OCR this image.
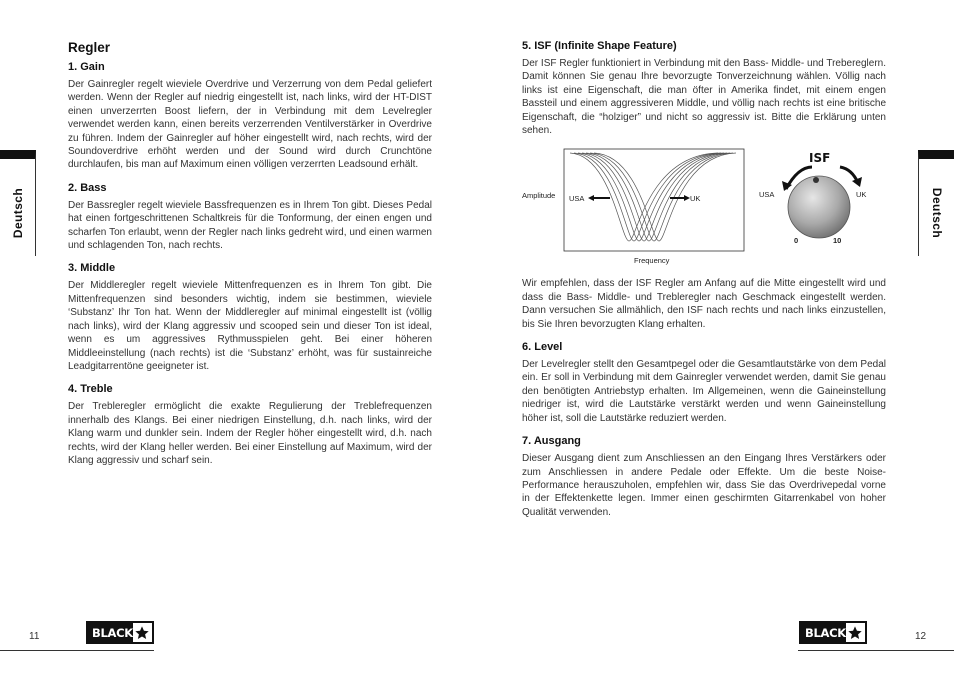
Deutsch	Deutsch
Regler
1. Gain

Der Gainregler regelt wieviele Overdrive und Verzerrung von dem Pedal geliefert werden. Wenn der Regler auf niedrig eingestellt ist, nach links, wird der HT-DIST einen unverzerrten Boost liefern, der in Verbindung mit dem Levelregler verwendet werden kann, einen bereits verzerrenden Ventilverstärker in Overdrive zu führen. Indem der Gainregler auf höher eingestellt wird, nach rechts, wird der Soundoverdrive erhöht werden und der Sound wird durch Crunchtöne durchlaufen, bis man auf Maximum einen völligen verzerrten Leadsound erhält.

2. Bass

Der Bassregler regelt wieviele Bassfrequenzen es in Ihrem Ton gibt. Dieses Pedal hat einen fortgeschrittenen Schaltkreis für die Tonformung, der einen engen und scharfen Ton erlaubt, wenn der Regler nach links gedreht wird, und einen warmen und schlagenden Ton, nach rechts.

3. Middle

Der Middleregler regelt wieviele Mittenfrequenzen es in Ihrem Ton gibt. Die Mittenfrequenzen sind besonders wichtig, indem sie bestimmen, wieviele ‘Substanz’ Ihr Ton hat. Wenn der Middleregler auf minimal eingestellt ist (völlig nach links), wird der Klang aggressiv und scooped sein und dieser Ton ist ideal, wenn es um aggressives Rythmusspielen geht. Bei einer höheren Middleeinstellung (nach rechts) ist die ‘Substanz’ erhöht, was für sustainreiche Leadgitarrentöne geeigneter ist.

4. Treble

Der Trebleregler ermöglicht die exakte Regulierung der Treblefrequenzen innerhalb des Klangs. Bei einer niedrigen Einstellung, d.h. nach links, wird der Klang warm und dunkler sein. Indem der Regler höher eingestellt wird, d.h. nach rechts, wird der Klang heller werden. Bei einer Einstellung auf Maximum, wird der Klang aggressiv und scharf sein.

5. ISF (Infinite Shape Feature)

Der ISF Regler funktioniert in Verbindung mit den Bass- Middle- und Trebereglern. Damit können Sie genau Ihre bevorzugte Tonverzeichnung wählen. Völlig nach links ist eine Eigenschaft, die man öfter in Amerika findet, mit einem engen Bassteil und einem aggressiveren Middle, und völlig nach rechts ist eine britische Eigenschaft, die “holziger” und nicht so aggressiv ist. Bitte die Erklärung unten sehen.

Amplitude
Frequency
USA	UK
ISF
USA	UK
0	10

Wir empfehlen, dass der ISF Regler am Anfang auf die Mitte eingestellt wird und dass die Bass- Middle- und Trebleregler nach Geschmack eingestellt werden. Dann versuchen Sie allmählich, den ISF nach rechts und nach links einzustellen, bis Sie Ihren bevorzugten Klang erhalten.

6. Level

Der Levelregler stellt den Gesamtpegel oder die Gesamtlautstärke von dem Pedal ein. Er soll in Verbindung mit dem Gainregler verwendet werden, damit Sie genau den benötigten Antriebstyp erhalten. Im Allgemeinen, wenn die Gaineinstellung niedriger ist, wird die Lautstärke verstärkt werden und wenn Gaineinstellung höher ist, soll die Lautstärke reduziert werden.

7. Ausgang

Dieser Ausgang dient zum Anschliessen an den Eingang Ihres Verstärkers oder zum Anschliessen in andere Pedale oder Effekte. Um die beste Noise-Performance herauszuholen, empfehlen wir, dass Sie das Overdrivepedal vorne in der Effektenkette legen. Immer einen geschirmten Gitarrenkabel von hoher Qualität verwenden.

11	12
BLACK	BLACK
